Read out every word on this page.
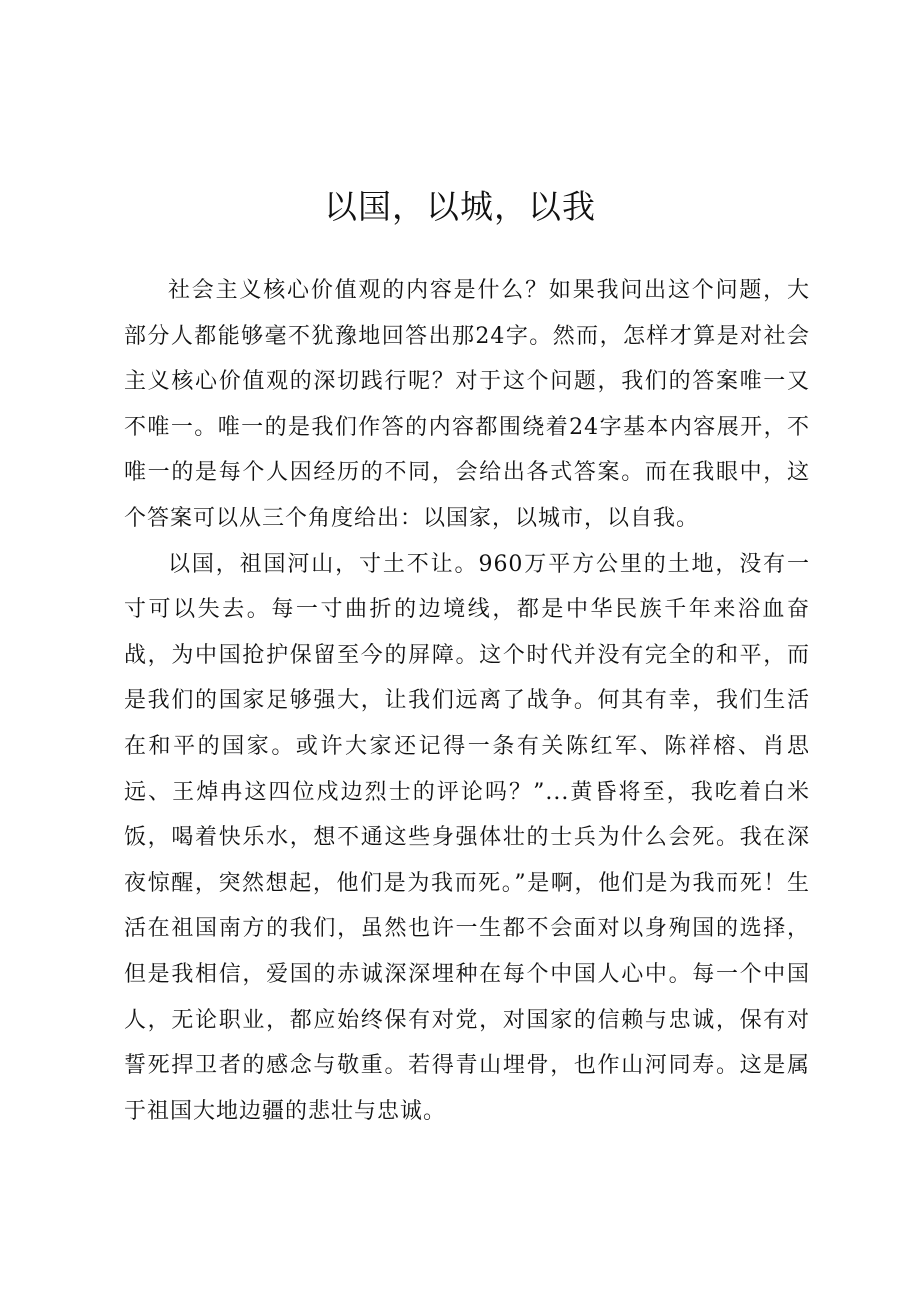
以国，以城，以我

社会主义核心价值观的内容是什么？如果我问出这个问题，大部分人都能够毫不犹豫地回答出那24字。然而，怎样才算是对社会主义核心价值观的深切践行呢？对于这个问题，我们的答案唯一又不唯一。唯一的是我们作答的内容都围绕着24字基本内容展开，不唯一的是每个人因经历的不同，会给出各式答案。而在我眼中，这个答案可以从三个角度给出：以国家，以城市，以自我。

以国，祖国河山，寸土不让。960万平方公里的土地，没有一寸可以失去。每一寸曲折的边境线，都是中华民族千年来浴血奋战，为中国抢护保留至今的屏障。这个时代并没有完全的和平，而是我们的国家足够强大，让我们远离了战争。何其有幸，我们生活在和平的国家。或许大家还记得一条有关陈红军、陈祥榕、肖思远、王焯冉这四位戍边烈士的评论吗？”...黄昏将至，我吃着白米饭，喝着快乐水，想不通这些身强体壮的士兵为什么会死。我在深夜惊醒，突然想起，他们是为我而死。”是啊，他们是为我而死！生活在祖国南方的我们，虽然也许一生都不会面对以身殉国的选择，但是我相信，爱国的赤诚深深埋种在每个中国人心中。每一个中国人，无论职业，都应始终保有对党，对国家的信赖与忠诚，保有对誓死捍卫者的感念与敬重。若得青山埋骨，也作山河同寿。这是属于祖国大地边疆的悲壮与忠诚。
